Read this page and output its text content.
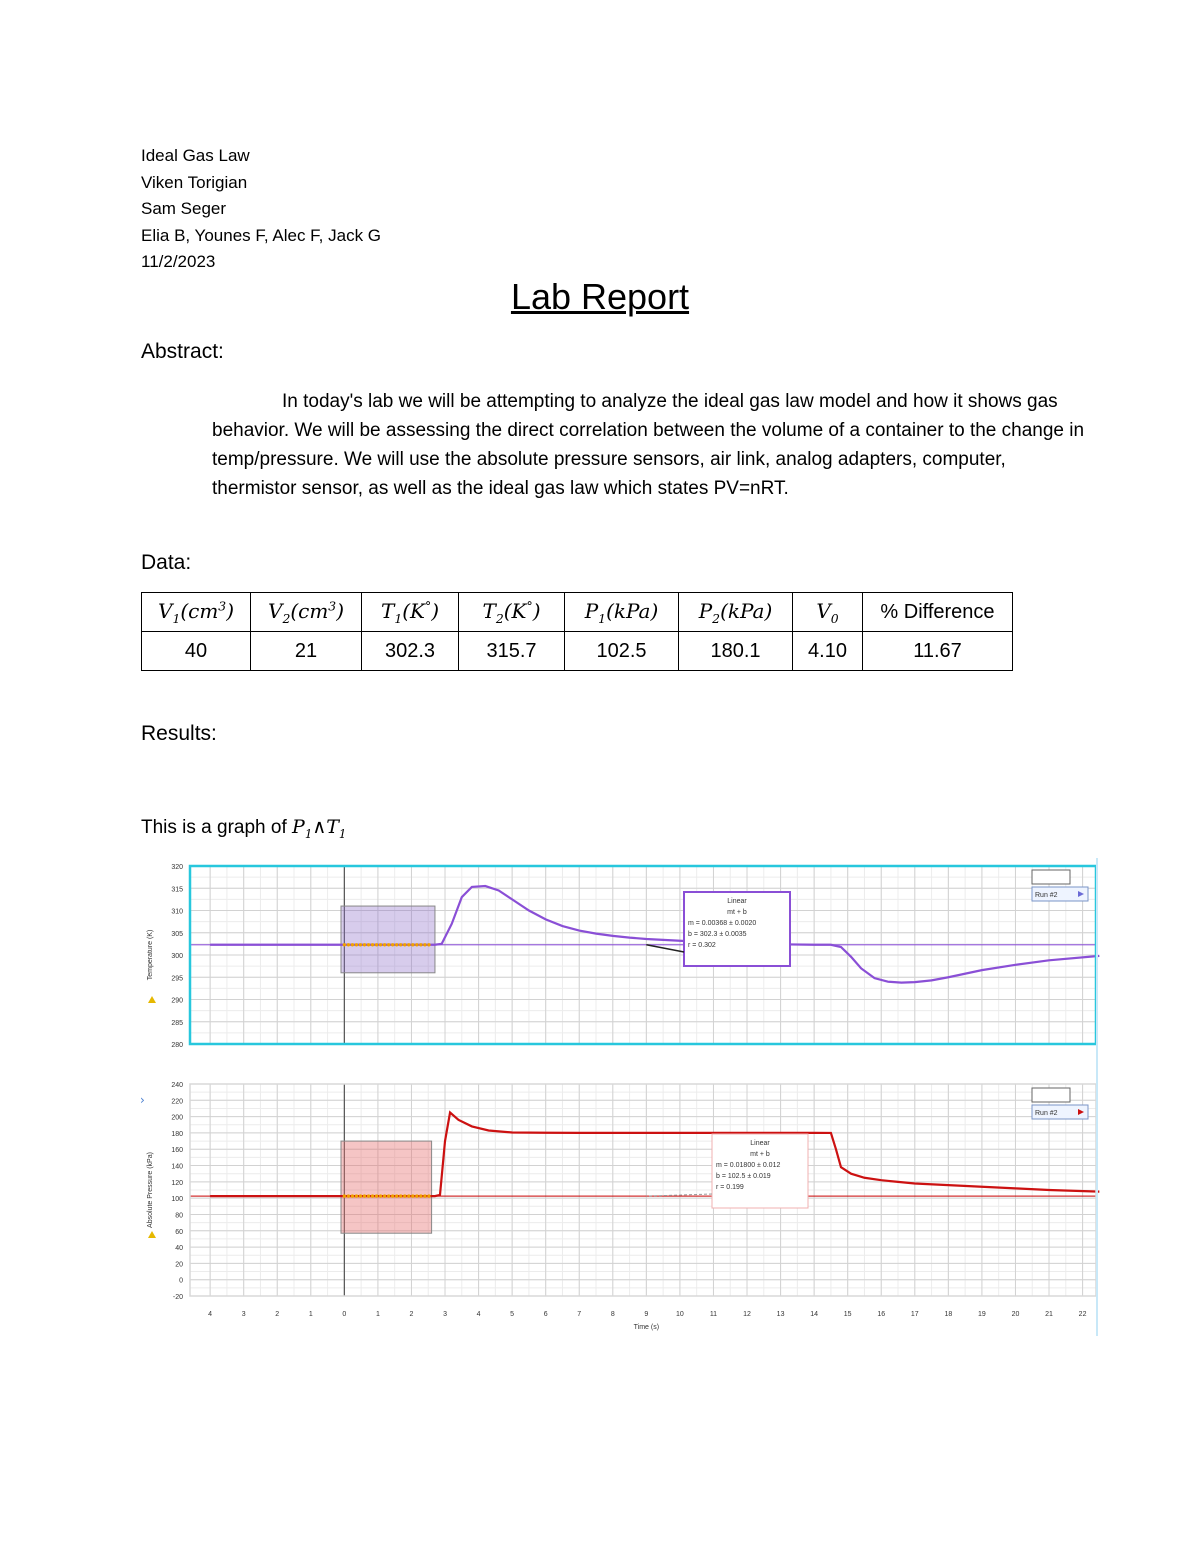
Ideal Gas Law
Viken Torigian
Sam Seger
Elia B, Younes F, Alec F, Jack G
11/2/2023
Lab Report
Abstract:
In today's lab we will be attempting to analyze the ideal gas law model and how it shows gas behavior. We will be assessing the direct correlation between the volume of a container to the change in temp/pressure. We will use the absolute pressure sensors, air link, analog adapters, computer, thermistor sensor, as well as the ideal gas law which states PV=nRT.
Data:
$V_1(cm^3)$	$V_2(cm^3)$	$T_1(K^\circ)$	$T_2(K^\circ)$	$P_1(kPa)$	$P_2(kPa)$	$V_0$	% Difference
40	21	302.3	315.7	102.5	180.1	4.10	11.67
Results:
This is a graph of $P_1\wedge T_1$
320
315
310
305
300
295
290
285
280
Linear
mt + b
m = 0.00368 ± 0.0020
b = 302.3 ± 0.0035
r = 0.302
Run #2
Temperature (K)
240
220
200
180
160
140
120
100
80
60
40
20
0
-20
Linear
mt + b
m = 0.01800 ± 0.012
b = 102.5 ± 0.019
r = 0.199
Run #2
Absolute Pressure (kPa)
4	3	2	1	0	1	2	3	4	5	6	7	8	9	10	11	12	13	14	15	16	17	18	19	20	21	22
Time (s)
›
